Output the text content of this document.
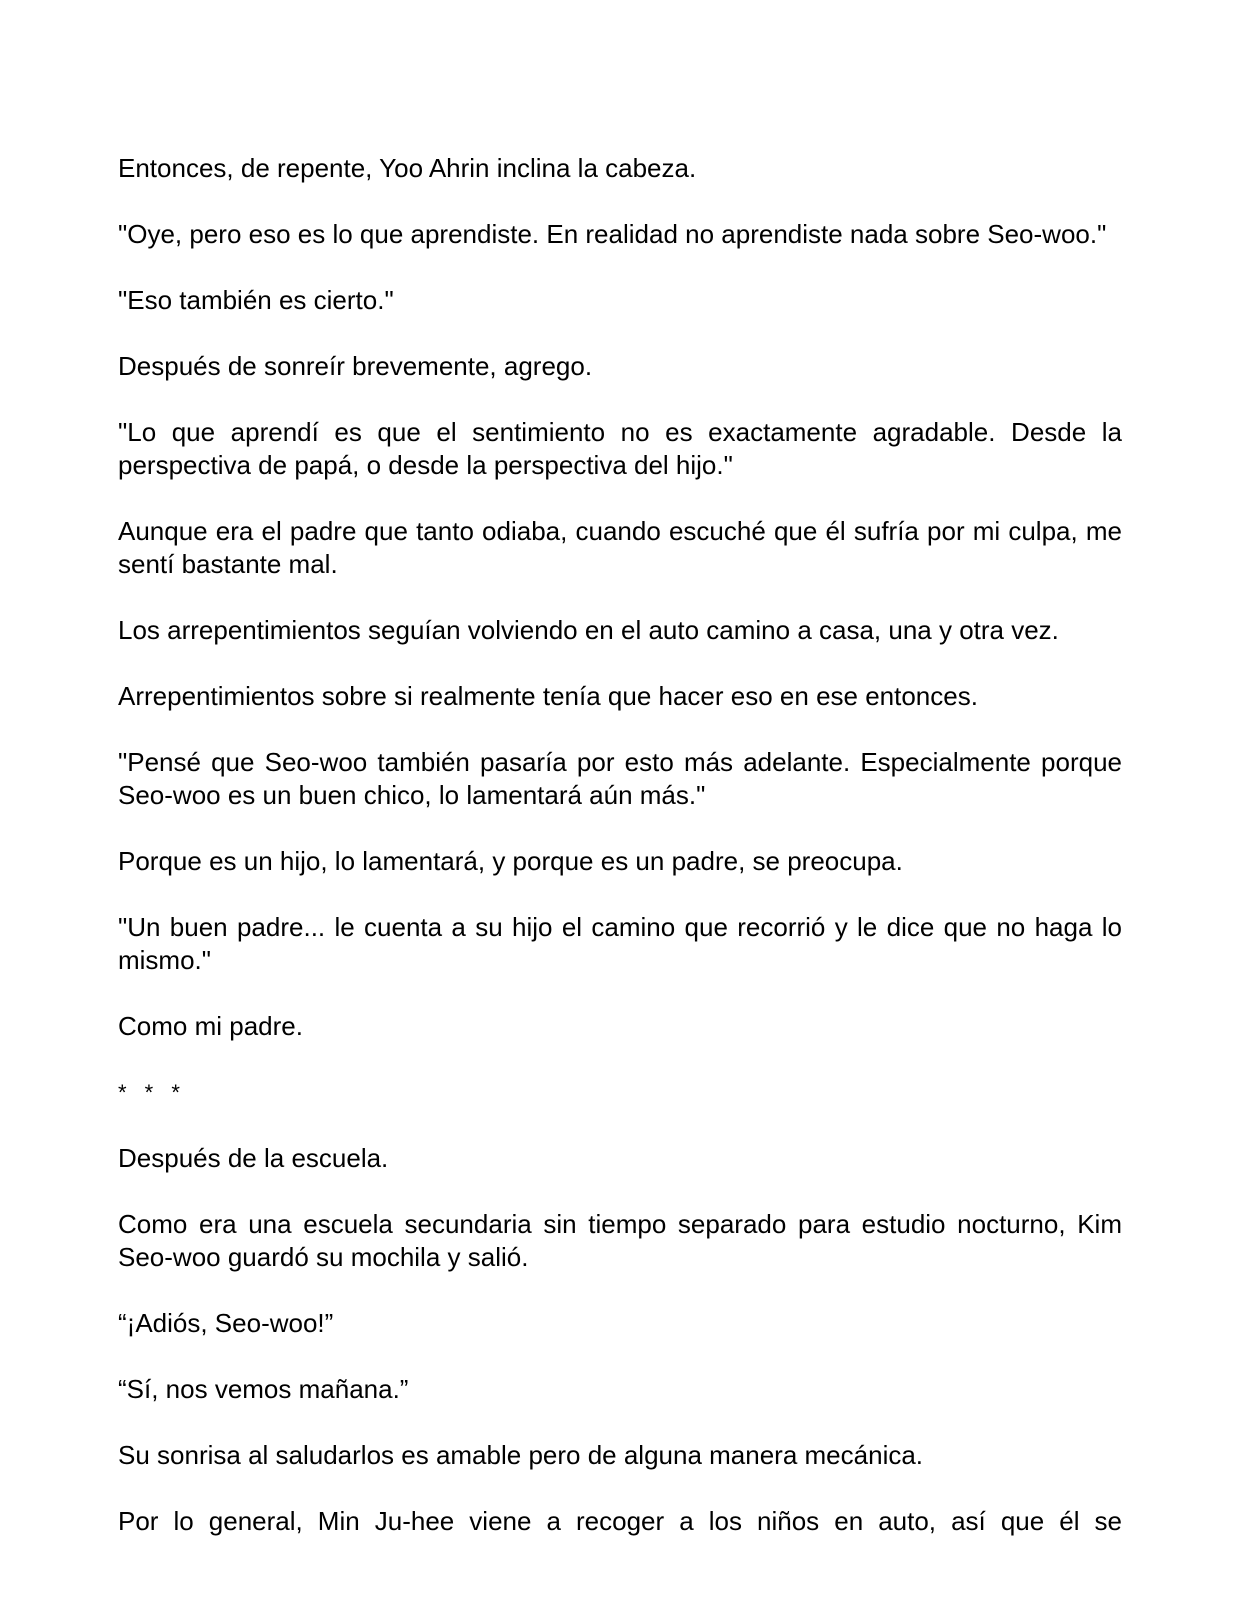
Entonces, de repente, Yoo Ahrin inclina la cabeza.

"Oye, pero eso es lo que aprendiste. En realidad no aprendiste nada sobre Seo-woo."

"Eso también es cierto."

Después de sonreír brevemente, agrego.

"Lo que aprendí es que el sentimiento no es exactamente agradable. Desde la perspectiva de papá, o desde la perspectiva del hijo."

Aunque era el padre que tanto odiaba, cuando escuché que él sufría por mi culpa, me sentí bastante mal.

Los arrepentimientos seguían volviendo en el auto camino a casa, una y otra vez.

Arrepentimientos sobre si realmente tenía que hacer eso en ese entonces.

"Pensé que Seo-woo también pasaría por esto más adelante. Especialmente porque Seo-woo es un buen chico, lo lamentará aún más."

Porque es un hijo, lo lamentará, y porque es un padre, se preocupa.

"Un buen padre... le cuenta a su hijo el camino que recorrió y le dice que no haga lo mismo."

Como mi padre.

* * *

Después de la escuela.

Como era una escuela secundaria sin tiempo separado para estudio nocturno, Kim Seo-woo guardó su mochila y salió.

“¡Adiós, Seo-woo!”

“Sí, nos vemos mañana.”

Su sonrisa al saludarlos es amable pero de alguna manera mecánica.

Por lo general, Min Ju-hee viene a recoger a los niños en auto, así que él se
